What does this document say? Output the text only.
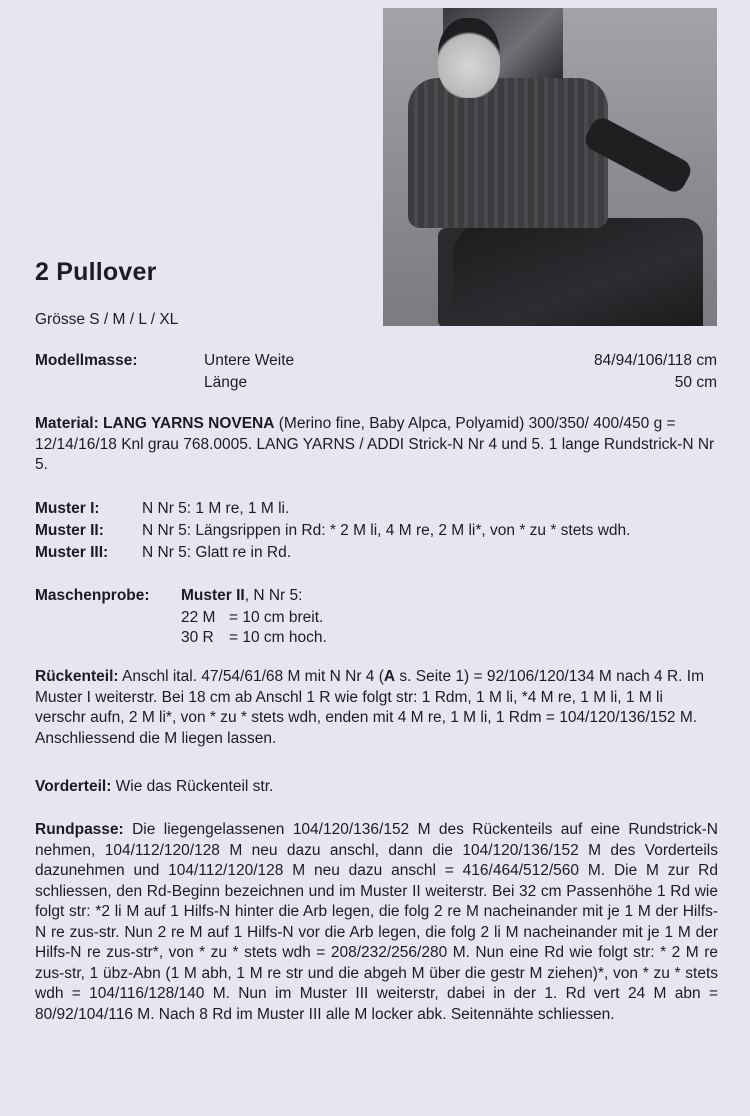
2 Pullover
Grösse S / M / L / XL
Modellmasse:	Untere Weite	84/94/106/118 cm
Länge	50 cm

Material: LANG YARNS NOVENA (Merino fine, Baby Alpca, Polyamid) 300/350/ 400/450 g = 12/14/16/18 Knl grau 768.0005. LANG YARNS / ADDI Strick-N Nr 4 und 5. 1 lange Rundstrick-N Nr 5.

Muster I:	N Nr 5: 1 M re, 1 M li.
Muster II: N Nr 5: Längsrippen in Rd: * 2 M li, 4 M re, 2 M li*, von * zu * stets wdh.
Muster III: N Nr 5: Glatt re in Rd.
Maschenprobe: Muster II, N Nr 5:
22 M = 10 cm breit.
30 R = 10 cm hoch.

Rückenteil: Anschl ital. 47/54/61/68 M mit N Nr 4 (A s. Seite 1) = 92/106/120/134 M nach 4 R. Im Muster I weiterstr. Bei 18 cm ab Anschl 1 R wie folgt str: 1 Rdm, 1 M li, *4 M re, 1 M li, 1 M li verschr aufn, 2 M li*, von * zu * stets wdh, enden mit 4 M re, 1 M li, 1 Rdm = 104/120/136/152 M. Anschliessend die M liegen lassen.

Vorderteil: Wie das Rückenteil str.

Rundpasse: Die liegengelassenen 104/120/136/152 M des Rückenteils auf eine Rundstrick-N nehmen, 104/112/120/128 M neu dazu anschl, dann die 104/120/136/152 M des Vorderteils dazunehmen und 104/112/120/128 M neu dazu anschl = 416/464/512/560 M. Die M zur Rd schliessen, den Rd-Beginn bezeichnen und im Muster II weiterstr. Bei 32 cm Passenhöhe 1 Rd wie folgt str: *2 li M auf 1 Hilfs-N hinter die Arb legen, die folg 2 re M nacheinander mit je 1 M der Hilfs-N re zus-str. Nun 2 re M auf 1 Hilfs-N vor die Arb legen, die folg 2 li M nacheinander mit je 1 M der Hilfs-N re zus-str*, von * zu * stets wdh = 208/232/256/280 M. Nun eine Rd wie folgt str: * 2 M re zus-str, 1 übz-Abn (1 M abh, 1 M re str und die abgeh M über die gestr M ziehen)*, von * zu * stets wdh = 104/116/128/140 M. Nun im Muster III weiterstr, dabei in der 1. Rd vert 24 M abn = 80/92/104/116 M. Nach 8 Rd im Muster III alle M locker abk. Seitennähte schliessen.
